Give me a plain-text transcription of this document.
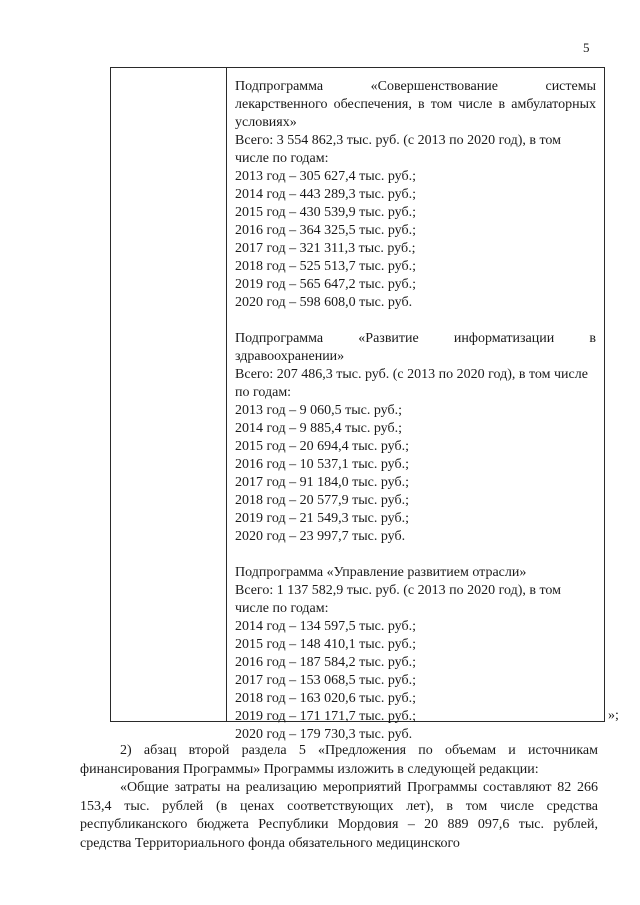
5
Подпрограмма «Совершенствование системы лекарственного обеспечения, в том числе в амбулаторных условиях»
Всего: 3 554 862,3 тыс. руб. (с 2013 по 2020 год), в том числе по годам:
2013 год – 305 627,4 тыс. руб.;
2014 год – 443 289,3 тыс. руб.;
2015 год – 430 539,9 тыс. руб.;
2016 год – 364 325,5 тыс. руб.;
2017 год – 321 311,3 тыс. руб.;
2018 год – 525 513,7 тыс. руб.;
2019 год – 565 647,2 тыс. руб.;
2020 год – 598 608,0 тыс. руб.
Подпрограмма «Развитие информатизации в здравоохранении»
Всего: 207 486,3 тыс. руб. (с 2013 по 2020 год), в том числе по годам:
2013 год – 9 060,5 тыс. руб.;
2014 год – 9 885,4 тыс. руб.;
2015 год – 20 694,4 тыс. руб.;
2016 год – 10 537,1 тыс. руб.;
2017 год – 91 184,0 тыс. руб.;
2018 год – 20 577,9 тыс. руб.;
2019 год – 21 549,3 тыс. руб.;
2020 год – 23 997,7 тыс. руб.
Подпрограмма «Управление развитием отрасли»
Всего: 1 137 582,9 тыс. руб. (с 2013 по 2020 год), в том числе по годам:
2014 год – 134 597,5 тыс. руб.;
2015 год – 148 410,1 тыс. руб.;
2016 год – 187 584,2 тыс. руб.;
2017 год – 153 068,5 тыс. руб.;
2018 год – 163 020,6 тыс. руб.;
2019 год – 171 171,7 тыс. руб.;
2020 год – 179 730,3 тыс. руб.
»;

2) абзац второй раздела 5 «Предложения по объемам и источникам финансирования Программы» Программы изложить в следующей редакции:

«Общие затраты на реализацию мероприятий Программы составляют 82 266 153,4 тыс. рублей (в ценах соответствующих лет), в том числе средства республиканского бюджета Республики Мордовия – 20 889 097,6 тыс. рублей, средства Территориального фонда обязательного медицинского
